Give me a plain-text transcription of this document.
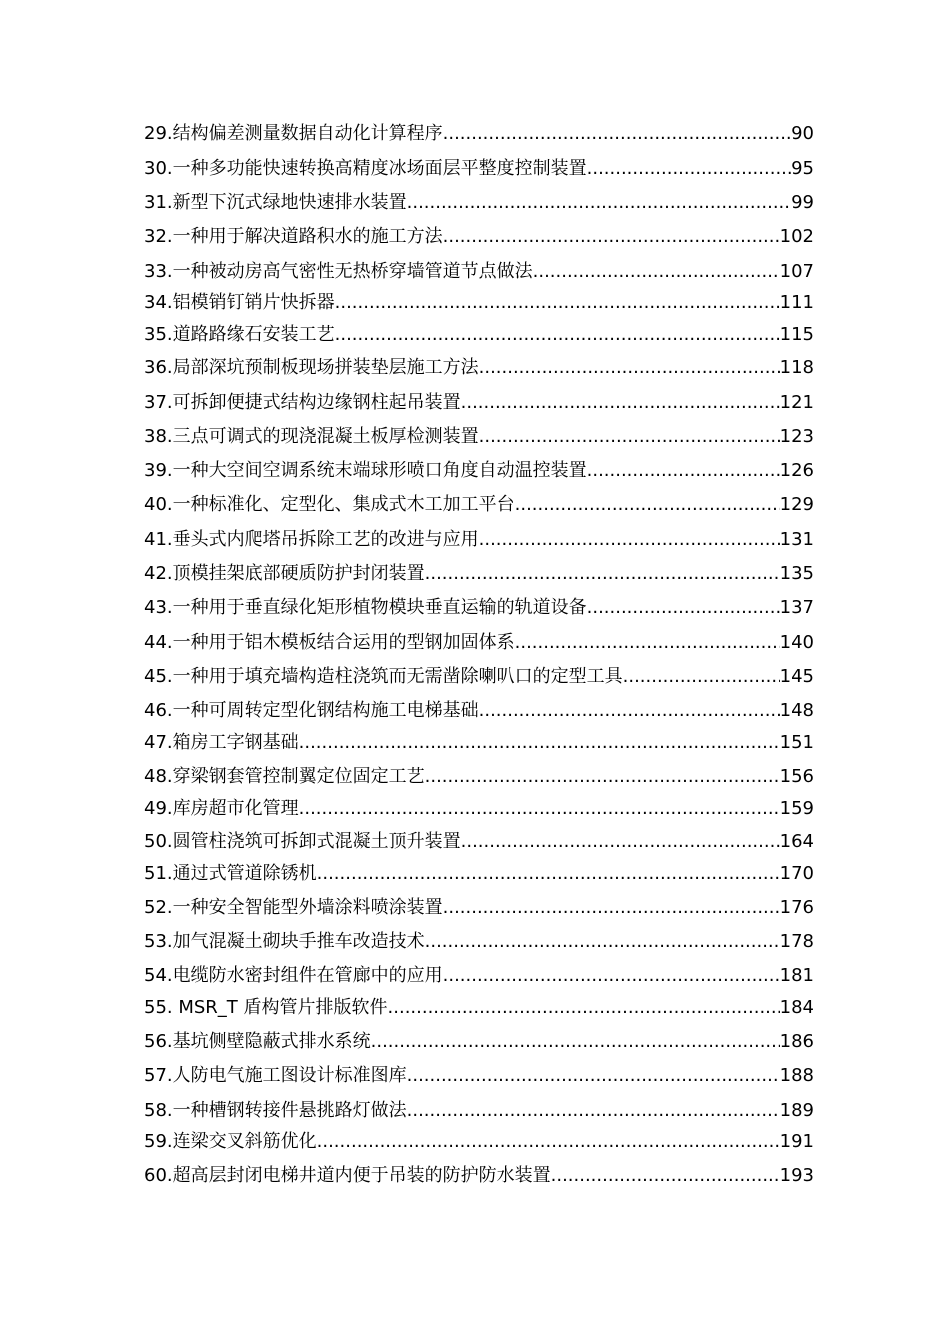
29.结构偏差测量数据自动化计算程序 .....	90
30.一种多功能快速转换高精度冰场面层平整度控制装置 .....	95
31.新型下沉式绿地快速排水装置 .....	99
32.一种用于解决道路积水的施工方法 .....	102
33.一种被动房高气密性无热桥穿墙管道节点做法 .....	107
34.铝模销钉销片快拆器 .....	111
35.道路路缘石安装工艺 .....	115
36.局部深坑预制板现场拼装垫层施工方法 .....	118
37.可拆卸便捷式结构边缘钢柱起吊装置 .....	121
38.三点可调式的现浇混凝土板厚检测装置 .....	123
39.一种大空间空调系统末端球形喷口角度自动温控装置 .....	126
40.一种标准化、定型化、集成式木工加工平台 .....	129
41.垂头式内爬塔吊拆除工艺的改进与应用 .....	131
42.顶模挂架底部硬质防护封闭装置 .....	135
43.一种用于垂直绿化矩形植物模块垂直运输的轨道设备 .....	137
44.一种用于铝木模板结合运用的型钢加固体系 .....	140
45.一种用于填充墙构造柱浇筑而无需凿除喇叭口的定型工具 .....	145
46.一种可周转定型化钢结构施工电梯基础 .....	148
47.箱房工字钢基础 .....	151
48.穿梁钢套管控制翼定位固定工艺 .....	156
49.库房超市化管理 .....	159
50.圆管柱浇筑可拆卸式混凝土顶升装置 .....	164
51.通过式管道除锈机 .....	170
52.一种安全智能型外墙涂料喷涂装置 .....	176
53.加气混凝土砌块手推车改造技术 .....	178
54.电缆防水密封组件在管廊中的应用 .....	181
55. MSR_T 盾构管片排版软件 .....	184
56.基坑侧壁隐蔽式排水系统 .....	186
57.人防电气施工图设计标准图库 .....	188
58.一种槽钢转接件悬挑路灯做法 .....	189
59.连梁交叉斜筋优化 .....	191
60.超高层封闭电梯井道内便于吊装的防护防水装置 .....	193
